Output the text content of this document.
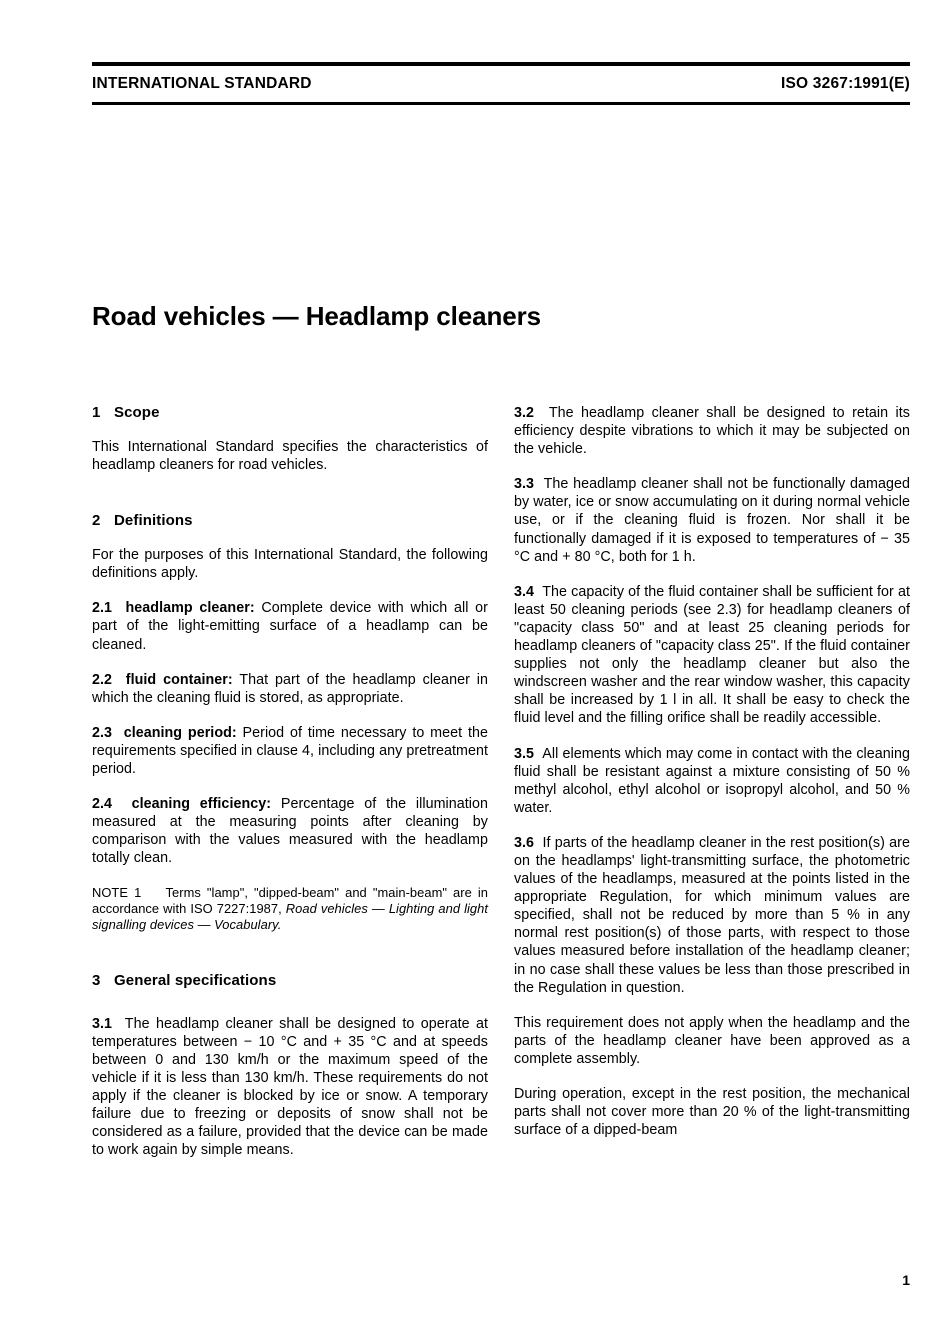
INTERNATIONAL STANDARD	ISO 3267:1991(E)
Road vehicles — Headlamp cleaners
1 Scope

This International Standard specifies the characteristics of headlamp cleaners for road vehicles.

2 Definitions

For the purposes of this International Standard, the following definitions apply.

2.1 headlamp cleaner: Complete device with which all or part of the light-emitting surface of a headlamp can be cleaned.

2.2 fluid container: That part of the headlamp cleaner in which the cleaning fluid is stored, as appropriate.

2.3 cleaning period: Period of time necessary to meet the requirements specified in clause 4, including any pretreatment period.

2.4 cleaning efficiency: Percentage of the illumination measured at the measuring points after cleaning by comparison with the values measured with the headlamp totally clean.

NOTE 1 Terms "lamp", "dipped-beam" and "main-beam" are in accordance with ISO 7227:1987, Road vehicles — Lighting and light signalling devices — Vocabulary.

3 General specifications

3.1 The headlamp cleaner shall be designed to operate at temperatures between − 10 °C and + 35 °C and at speeds between 0 and 130 km/h or the maximum speed of the vehicle if it is less than 130 km/h. These requirements do not apply if the cleaner is blocked by ice or snow. A temporary failure due to freezing or deposits of snow shall not be considered as a failure, provided that the device can be made to work again by simple means.

3.2 The headlamp cleaner shall be designed to retain its efficiency despite vibrations to which it may be subjected on the vehicle.

3.3 The headlamp cleaner shall not be functionally damaged by water, ice or snow accumulating on it during normal vehicle use, or if the cleaning fluid is frozen. Nor shall it be functionally damaged if it is exposed to temperatures of − 35 °C and + 80 °C, both for 1 h.

3.4 The capacity of the fluid container shall be sufficient for at least 50 cleaning periods (see 2.3) for headlamp cleaners of "capacity class 50" and at least 25 cleaning periods for headlamp cleaners of "capacity class 25". If the fluid container supplies not only the headlamp cleaner but also the windscreen washer and the rear window washer, this capacity shall be increased by 1 l in all. It shall be easy to check the fluid level and the filling orifice shall be readily accessible.

3.5 All elements which may come in contact with the cleaning fluid shall be resistant against a mixture consisting of 50 % methyl alcohol, ethyl alcohol or isopropyl alcohol, and 50 % water.

3.6 If parts of the headlamp cleaner in the rest position(s) are on the headlamps' light-transmitting surface, the photometric values of the headlamps, measured at the points listed in the appropriate Regulation, for which minimum values are specified, shall not be reduced by more than 5 % in any normal rest position(s) of those parts, with respect to those values measured before installation of the headlamp cleaner; in no case shall these values be less than those prescribed in the Regulation in question.

This requirement does not apply when the headlamp and the parts of the headlamp cleaner have been approved as a complete assembly.

During operation, except in the rest position, the mechanical parts shall not cover more than 20 % of the light-transmitting surface of a dipped-beam

1
